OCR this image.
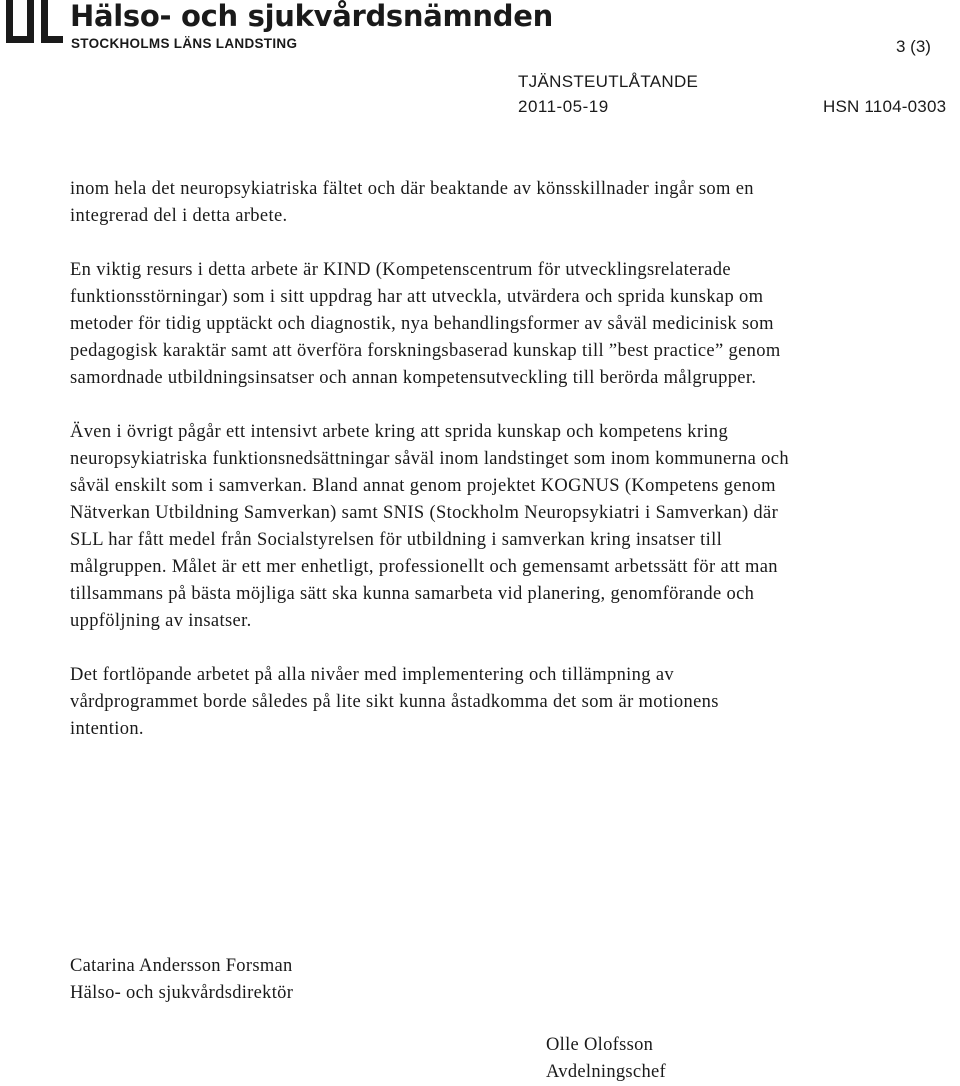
Hälso- och sjukvårdsnämnden
STOCKHOLMS LÄNS LANDSTING	3 (3)
TJÄNSTEUTLÅTANDE
2011-05-19	HSN 1104-0303

inom hela det neuropsykiatriska fältet och där beaktande av könsskillnader ingår som en integrerad del i detta arbete.

En viktig resurs i detta arbete är KIND (Kompetenscentrum för utvecklingsrelaterade funktionsstörningar) som i sitt uppdrag har att utveckla, utvärdera och sprida kunskap om metoder för tidig upptäckt och diagnostik, nya behandlingsformer av såväl medicinisk som pedagogisk karaktär samt att överföra forskningsbaserad kunskap till ”best practice” genom samordnade utbildningsinsatser och annan kompetensutveckling till berörda målgrupper.

Även i övrigt pågår ett intensivt arbete kring att sprida kunskap och kompetens kring neuropsykiatriska funktionsnedsättningar såväl inom landstinget som inom kommunerna och såväl enskilt som i samverkan. Bland annat genom projektet KOGNUS (Kompetens genom Nätverkan Utbildning Samverkan) samt SNIS (Stockholm Neuropsykiatri i Samverkan) där SLL har fått medel från Socialstyrelsen för utbildning i samverkan kring insatser till målgruppen. Målet är ett mer enhetligt, professionellt och gemensamt arbetssätt för att man tillsammans på bästa möjliga sätt ska kunna samarbeta vid planering, genomförande och uppföljning av insatser.

Det fortlöpande arbetet på alla nivåer med implementering och tillämpning av vårdprogrammet borde således på lite sikt kunna åstadkomma det som är motionens intention.

Catarina Andersson Forsman
Hälso- och sjukvårdsdirektör
Olle Olofsson
Avdelningschef
